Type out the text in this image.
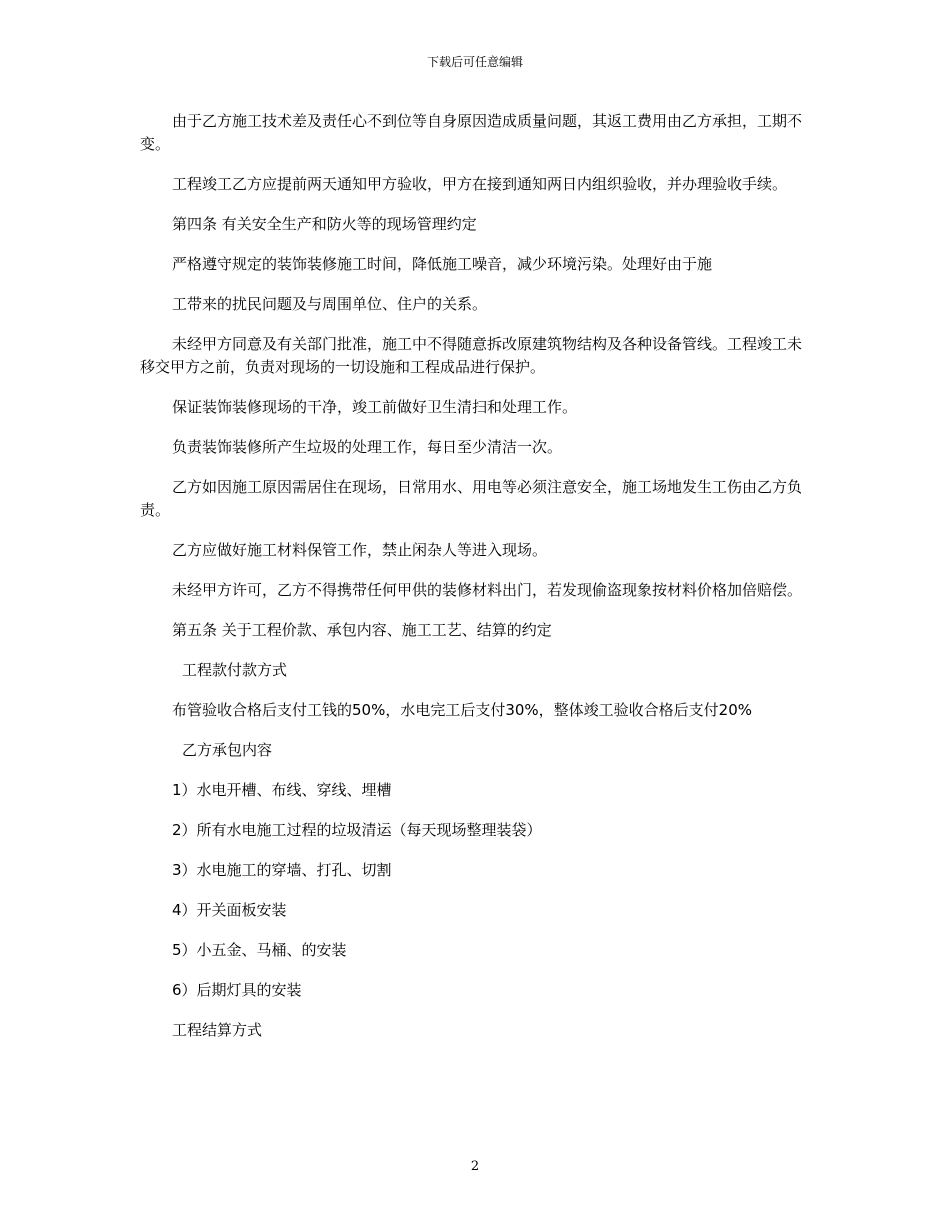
下载后可任意编辑

由于乙方施工技术差及责任心不到位等自身原因造成质量问题，其返工费用由乙方承担，工期不变。

工程竣工乙方应提前两天通知甲方验收，甲方在接到通知两日内组织验收，并办理验收手续。

第四条 有关安全生产和防火等的现场管理约定

严格遵守规定的装饰装修施工时间，降低施工噪音，减少环境污染。处理好由于施

工带来的扰民问题及与周围单位、住户的关系。

未经甲方同意及有关部门批准，施工中不得随意拆改原建筑物结构及各种设备管线。工程竣工未移交甲方之前，负责对现场的一切设施和工程成品进行保护。

保证装饰装修现场的干净，竣工前做好卫生清扫和处理工作。

负责装饰装修所产生垃圾的处理工作，每日至少清洁一次。

乙方如因施工原因需居住在现场，日常用水、用电等必须注意安全，施工场地发生工伤由乙方负责。

乙方应做好施工材料保管工作，禁止闲杂人等进入现场。

未经甲方许可，乙方不得携带任何甲供的装修材料出门，若发现偷盗现象按材料价格加倍赔偿。

第五条 关于工程价款、承包内容、施工工艺、结算的约定

工程款付款方式

布管验收合格后支付工钱的50%，水电完工后支付30%，整体竣工验收合格后支付20%

乙方承包内容

1）水电开槽、布线、穿线、埋槽

2）所有水电施工过程的垃圾清运（每天现场整理装袋）

3）水电施工的穿墙、打孔、切割

4）开关面板安装

5）小五金、马桶、的安装

6）后期灯具的安装

工程结算方式

2
